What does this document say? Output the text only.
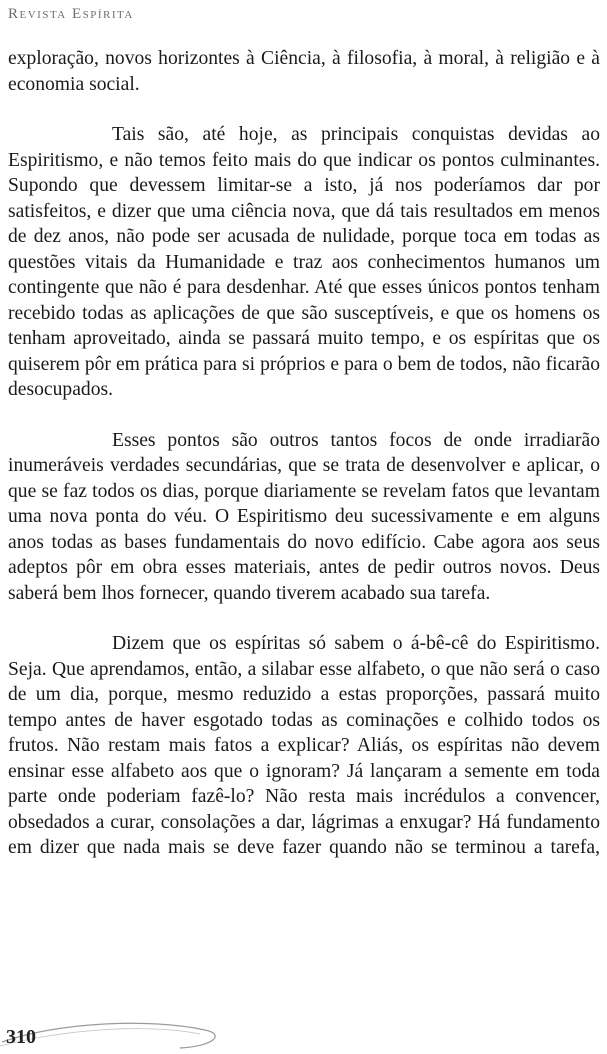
Revista Espírita

exploração, novos horizontes à Ciência, à filosofia, à moral, à religião e à economia social.

Tais são, até hoje, as principais conquistas devidas ao Espiritismo, e não temos feito mais do que indicar os pontos culminantes. Supondo que devessem limitar-se a isto, já nos poderíamos dar por satisfeitos, e dizer que uma ciência nova, que dá tais resultados em menos de dez anos, não pode ser acusada de nulidade, porque toca em todas as questões vitais da Humanidade e traz aos conhecimentos humanos um contingente que não é para desdenhar. Até que esses únicos pontos tenham recebido todas as aplicações de que são susceptíveis, e que os homens os tenham aproveitado, ainda se passará muito tempo, e os espíritas que os quiserem pôr em prática para si próprios e para o bem de todos, não ficarão desocupados.

Esses pontos são outros tantos focos de onde irradiarão inumeráveis verdades secundárias, que se trata de desenvolver e aplicar, o que se faz todos os dias, porque diariamente se revelam fatos que levantam uma nova ponta do véu. O Espiritismo deu sucessivamente e em alguns anos todas as bases fundamentais do novo edifício. Cabe agora aos seus adeptos pôr em obra esses materiais, antes de pedir outros novos. Deus saberá bem lhos fornecer, quando tiverem acabado sua tarefa.

Dizem que os espíritas só sabem o á-bê-cê do Espiritismo. Seja. Que aprendamos, então, a silabar esse alfabeto, o que não será o caso de um dia, porque, mesmo reduzido a estas proporções, passará muito tempo antes de haver esgotado todas as cominações e colhido todos os frutos. Não restam mais fatos a explicar? Aliás, os espíritas não devem ensinar esse alfabeto aos que o ignoram? Já lançaram a semente em toda parte onde poderiam fazê-lo? Não resta mais incrédulos a convencer, obsedados a curar, consolações a dar, lágrimas a enxugar? Há fundamento em dizer que nada mais se deve fazer quando não se terminou a tarefa,

310
